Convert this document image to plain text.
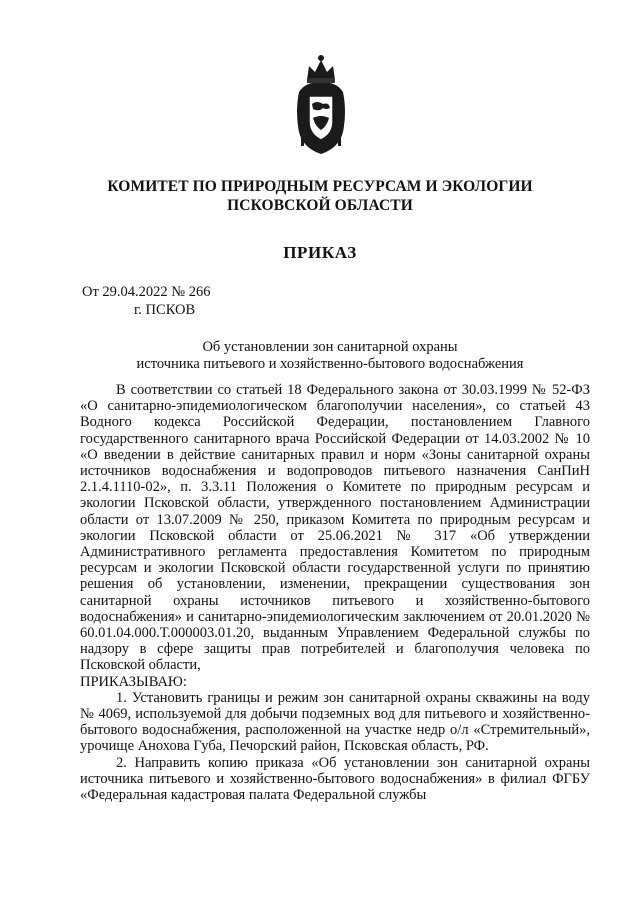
КОМИТЕТ ПО ПРИРОДНЫМ РЕСУРСАМ И ЭКОЛОГИИ
ПСКОВСКОЙ ОБЛАСТИ
ПРИКАЗ
От 29.04.2022 № 266
г. ПСКОВ
Об установлении зон санитарной охраны
источника питьевого и хозяйственно-бытового водоснабжения

В соответствии со статьей 18 Федерального закона от 30.03.1999 № 52-ФЗ «О санитарно-эпидемиологическом благополучии населения», со статьей 43 Водного кодекса Российской Федерации, постановлением Главного государственного санитарного врача Российской Федерации от 14.03.2002 № 10 «О введении в действие санитарных правил и норм «Зоны санитарной охраны источников водоснабжения и водопроводов питьевого назначения СанПиН 2.1.4.1110-02», п. 3.3.11 Положения о Комитете по природным ресурсам и экологии Псковской области, утвержденного постановлением Администрации области от 13.07.2009 № 250, приказом Комитета по природным ресурсам и экологии Псковской области от 25.06.2021 № 317 «Об утверждении Административного регламента предоставления Комитетом по природным ресурсам и экологии Псковской области государственной услуги по принятию решения об установлении, изменении, прекращении существования зон санитарной охраны источников питьевого и хозяйственно-бытового водоснабжения» и санитарно-эпидемиологическим заключением от 20.01.2020 № 60.01.04.000.Т.000003.01.20, выданным Управлением Федеральной службы по надзору в сфере защиты прав потребителей и благополучия человека по Псковской области,

ПРИКАЗЫВАЮ:

1. Установить границы и режим зон санитарной охраны скважины на воду № 4069, используемой для добычи подземных вод для питьевого и хозяйственно-бытового водоснабжения, расположенной на участке недр о/л «Стремительный», урочище Анохова Губа, Печорский район, Псковская область, РФ.

2. Направить копию приказа «Об установлении зон санитарной охраны источника питьевого и хозяйственно-бытового водоснабжения» в филиал ФГБУ «Федеральная кадастровая палата Федеральной службы
